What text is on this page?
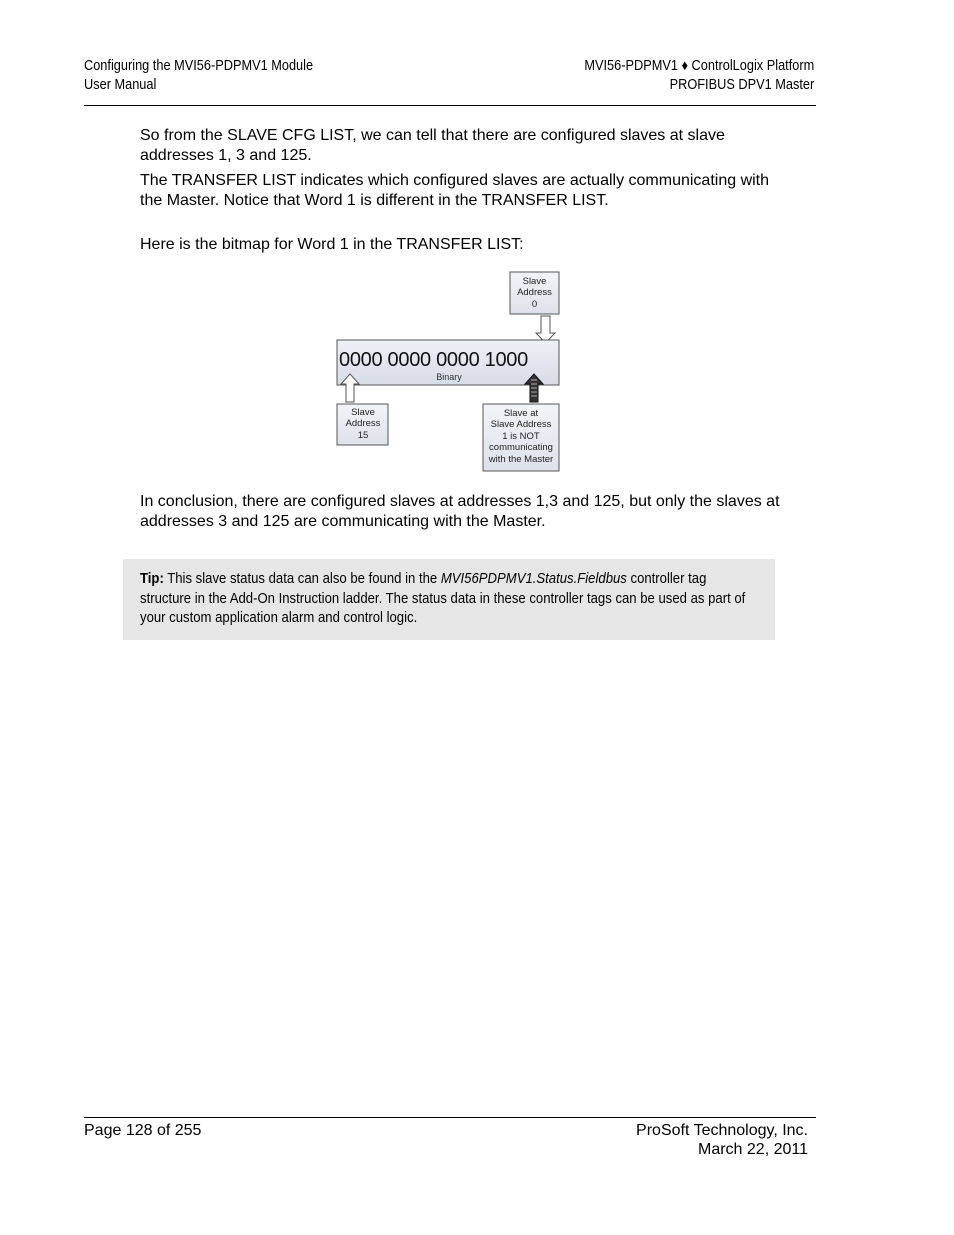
Configuring the MVI56-PDPMV1 Module
User Manual
MVI56-PDPMV1 ♦ ControlLogix Platform
PROFIBUS DPV1 Master

So from the SLAVE CFG LIST, we can tell that there are configured slaves at slave addresses 1, 3 and 125.

The TRANSFER LIST indicates which configured slaves are actually communicating with the Master. Notice that Word 1 is different in the TRANSFER LIST.

Here is the bitmap for Word 1 in the TRANSFER LIST:

Slave
Address
0
0000 0000 0000 1000
Binary
Slave
Address
15
Slave at
Slave Address
1 is NOT
communicating
with the Master

In conclusion, there are configured slaves at addresses 1,3 and 125, but only the slaves at addresses 3 and 125 are communicating with the Master.

Tip: This slave status data can also be found in the MVI56PDPMV1.Status.Fieldbus controller tag structure in the Add-On Instruction ladder. The status data in these controller tags can be used as part of your custom application alarm and control logic.

Page 128 of 255	ProSoft Technology, Inc.
March 22, 2011
